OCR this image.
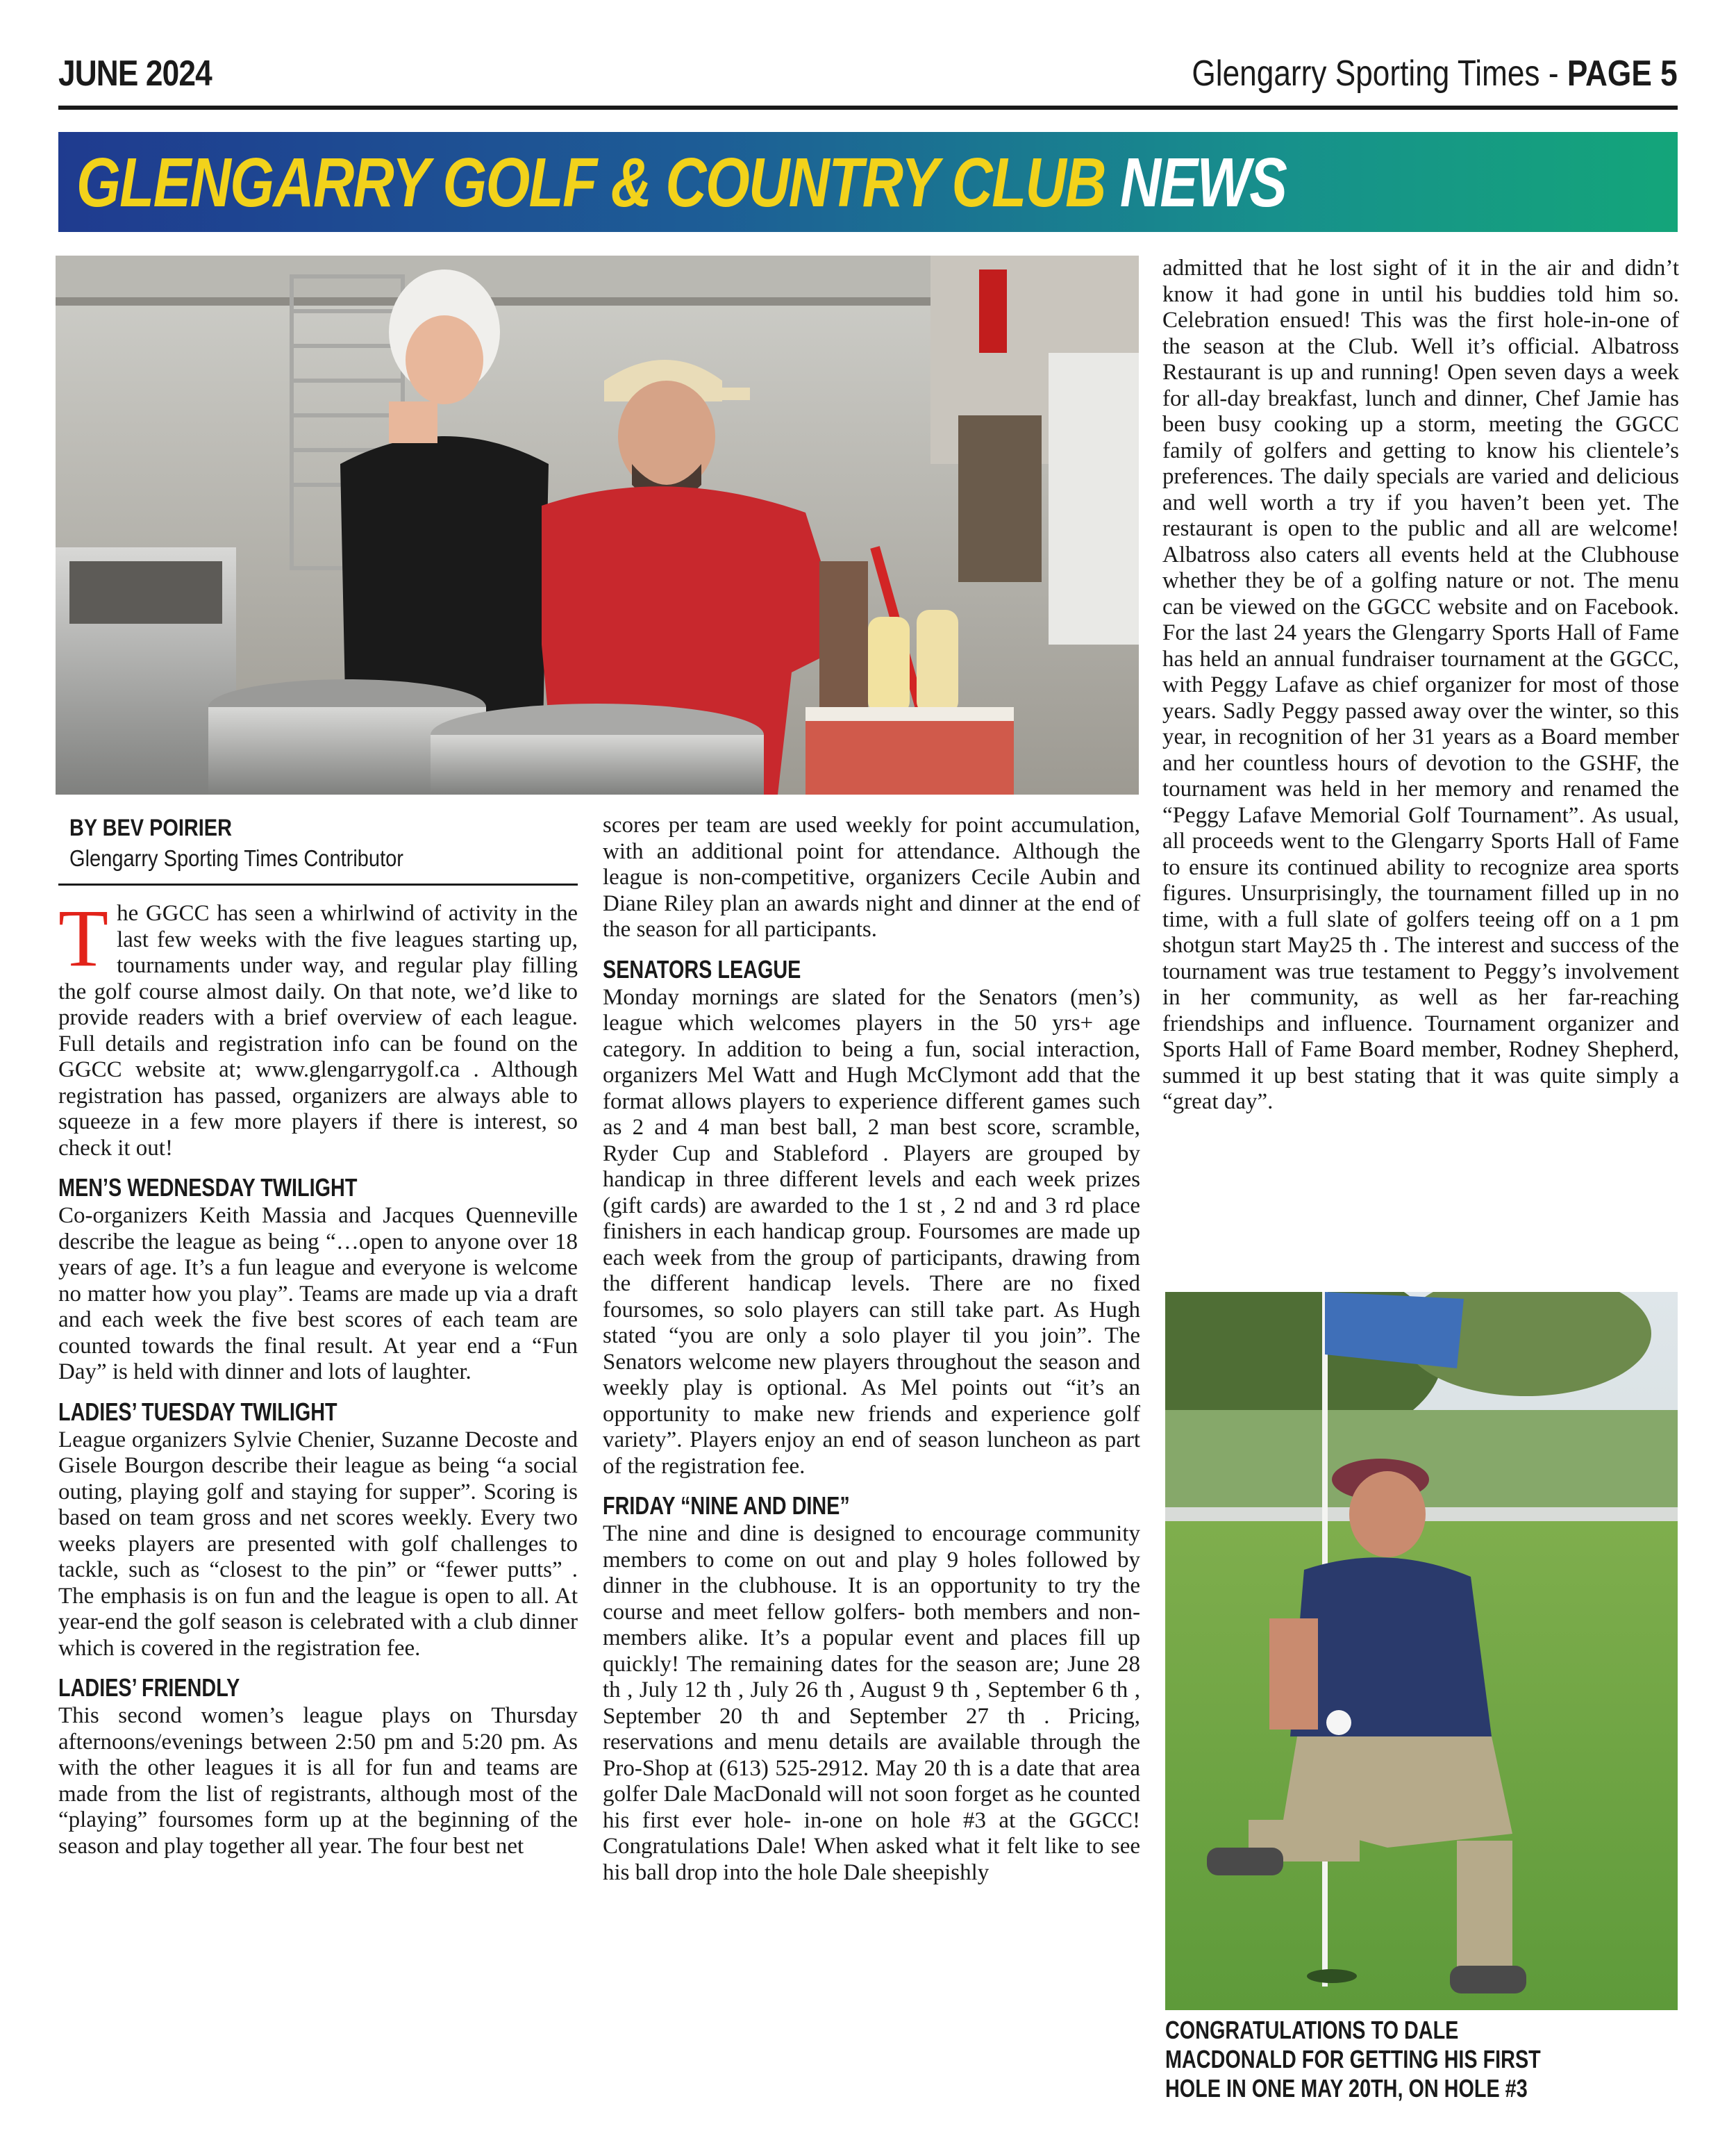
JUNE 2024	Glengarry Sporting Times - PAGE 5
GLENGARRY GOLF & COUNTRY CLUB NEWS
BY BEV POIRIER
Glengarry Sporting Times Contributor

The GGCC has seen a whirlwind of activity in the last few weeks with the five leagues starting up, tournaments under way, and regular play filling the golf course almost daily. On that note, we’d like to provide readers with a brief overview of each league. Full details and registration info can be found on the GGCC website at; www.glengarrygolf.ca . Although registration has passed, organizers are always able to squeeze in a few more players if there is interest, so check it out!

MEN’S WEDNESDAY TWILIGHT

Co-organizers Keith Massia and Jacques Quenneville describe the league as being “…open to anyone over 18 years of age. It’s a fun league and everyone is welcome no matter how you play”. Teams are made up via a draft and each week the five best scores of each team are counted towards the final result. At year end a “Fun Day” is held with dinner and lots of laughter.

LADIES’ TUESDAY TWILIGHT

League organizers Sylvie Chenier, Suzanne Decoste and Gisele Bourgon describe their league as being “a social outing, playing golf and staying for supper”. Scoring is based on team gross and net scores weekly. Every two weeks players are presented with golf challenges to tackle, such as “closest to the pin” or “fewer putts” . The emphasis is on fun and the league is open to all. At year-end the golf season is celebrated with a club dinner which is covered in the registration fee.

LADIES’ FRIENDLY

This second women’s league plays on Thursday afternoons/evenings between 2:50 pm and 5:20 pm. As with the other leagues it is all for fun and teams are made from the list of registrants, although most of the “playing” foursomes form up at the beginning of the season and play together all year. The four best net

scores per team are used weekly for point accumulation, with an additional point for attendance. Although the league is non-competitive, organizers Cecile Aubin and Diane Riley plan an awards night and dinner at the end of the season for all participants.

SENATORS LEAGUE

Monday mornings are slated for the Senators (men’s) league which welcomes players in the 50 yrs+ age category. In addition to being a fun, social interaction, organizers Mel Watt and Hugh McClymont add that the format allows players to experience different games such as 2 and 4 man best ball, 2 man best score, scramble, Ryder Cup and Stableford . Players are grouped by handicap in three different levels and each week prizes (gift cards) are awarded to the 1 st , 2 nd and 3 rd place finishers in each handicap group. Foursomes are made up each week from the group of participants, drawing from the different handicap levels. There are no fixed foursomes, so solo players can still take part. As Hugh stated “you are only a solo player til you join”. The Senators welcome new players throughout the season and weekly play is optional. As Mel points out “it’s an opportunity to make new friends and experience golf variety”. Players enjoy an end of season luncheon as part of the registration fee.

FRIDAY “NINE AND DINE”

The nine and dine is designed to encourage community members to come on out and play 9 holes followed by dinner in the clubhouse. It is an opportunity to try the course and meet fellow golfers- both members and non-members alike. It’s a popular event and places fill up quickly! The remaining dates for the season are; June 28 th , July 12 th , July 26 th , August 9 th , September 6 th , September 20 th and September 27 th . Pricing, reservations and menu details are available through the Pro-Shop at (613) 525-2912. May 20 th is a date that area golfer Dale MacDonald will not soon forget as he counted his first ever hole- in-one on hole #3 at the GGCC! Congratulations Dale! When asked what it felt like to see his ball drop into the hole Dale sheepishly

admitted that he lost sight of it in the air and didn’t know it had gone in until his buddies told him so. Celebration ensued! This was the first hole-in-one of the season at the Club. Well it’s official. Albatross Restaurant is up and running! Open seven days a week for all-day breakfast, lunch and dinner, Chef Jamie has been busy cooking up a storm, meeting the GGCC family of golfers and getting to know his clientele’s preferences. The daily specials are varied and delicious and well worth a try if you haven’t been yet. The restaurant is open to the public and all are welcome! Albatross also caters all events held at the Clubhouse whether they be of a golfing nature or not. The menu can be viewed on the GGCC website and on Facebook. For the last 24 years the Glengarry Sports Hall of Fame has held an annual fundraiser tournament at the GGCC, with Peggy Lafave as chief organizer for most of those years. Sadly Peggy passed away over the winter, so this year, in recognition of her 31 years as a Board member and her countless hours of devotion to the GSHF, the tournament was held in her memory and renamed the “Peggy Lafave Memorial Golf Tournament”. As usual, all proceeds went to the Glengarry Sports Hall of Fame to ensure its continued ability to recognize area sports figures. Unsurprisingly, the tournament filled up in no time, with a full slate of golfers teeing off on a 1 pm shotgun start May25 th . The interest and success of the tournament was true testament to Peggy’s involvement in her community, as well as her far-reaching friendships and influence. Tournament organizer and Sports Hall of Fame Board member, Rodney Shepherd, summed it up best stating that it was quite simply a “great day”.

CONGRATULATIONS TO DALE MACDONALD FOR GETTING HIS FIRST HOLE IN ONE MAY 20TH, ON HOLE #3
